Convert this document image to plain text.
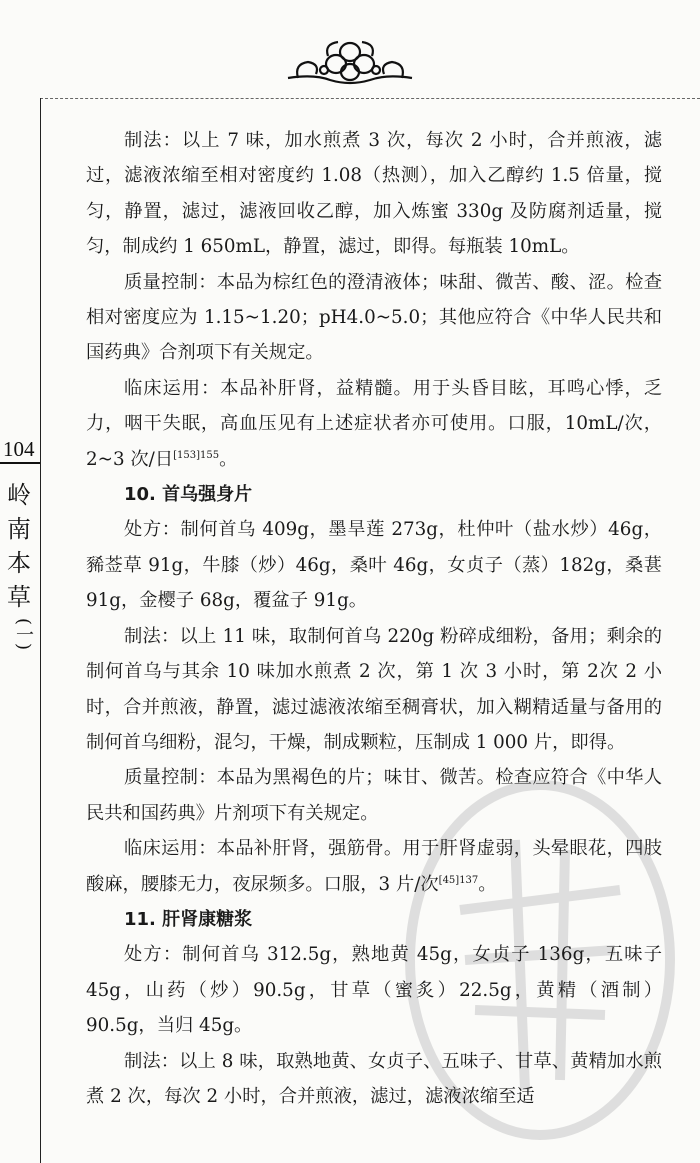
104
岭
南
本
草
(一)

制法：以上 7 味，加水煎煮 3 次，每次 2 小时，合并煎液，滤过，滤液浓缩至相对密度约 1.08（热测），加入乙醇约 1.5 倍量，搅匀，静置，滤过，滤液回收乙醇，加入炼蜜 330g 及防腐剂适量，搅匀，制成约 1 650mL，静置，滤过，即得。每瓶装 10mL。

质量控制：本品为棕红色的澄清液体；味甜、微苦、酸、涩。检查相对密度应为 1.15~1.20；pH4.0~5.0；其他应符合《中华人民共和国药典》合剂项下有关规定。

临床运用：本品补肝肾，益精髓。用于头昏目眩，耳鸣心悸，乏力，咽干失眠，高血压见有上述症状者亦可使用。口服，10mL/次，2~3 次/日$^{[153]155}$。

10. 首乌强身片

处方：制何首乌 409g，墨旱莲 273g，杜仲叶（盐水炒）46g，豨莶草 91g，牛膝（炒）46g，桑叶 46g，女贞子（蒸）182g，桑葚 91g，金樱子 68g，覆盆子 91g。

制法：以上 11 味，取制何首乌 220g 粉碎成细粉，备用；剩余的制何首乌与其余 10 味加水煎煮 2 次，第 1 次 3 小时，第 2次 2 小时，合并煎液，静置，滤过滤液浓缩至稠膏状，加入糊精适量与备用的制何首乌细粉，混匀，干燥，制成颗粒，压制成 1 000 片，即得。

质量控制：本品为黑褐色的片；味甘、微苦。检查应符合《中华人民共和国药典》片剂项下有关规定。

临床运用：本品补肝肾，强筋骨。用于肝肾虚弱，头晕眼花，四肢酸麻，腰膝无力，夜尿频多。口服，3 片/次$^{[45]137}$。

11. 肝肾康糖浆

处方：制何首乌 312.5g，熟地黄 45g，女贞子 136g，五味子 45g，山药（炒）90.5g，甘草（蜜炙）22.5g，黄精（酒制）90.5g，当归 45g。

制法：以上 8 味，取熟地黄、女贞子、五味子、甘草、黄精加水煎煮 2 次，每次 2 小时，合并煎液，滤过，滤液浓缩至适
